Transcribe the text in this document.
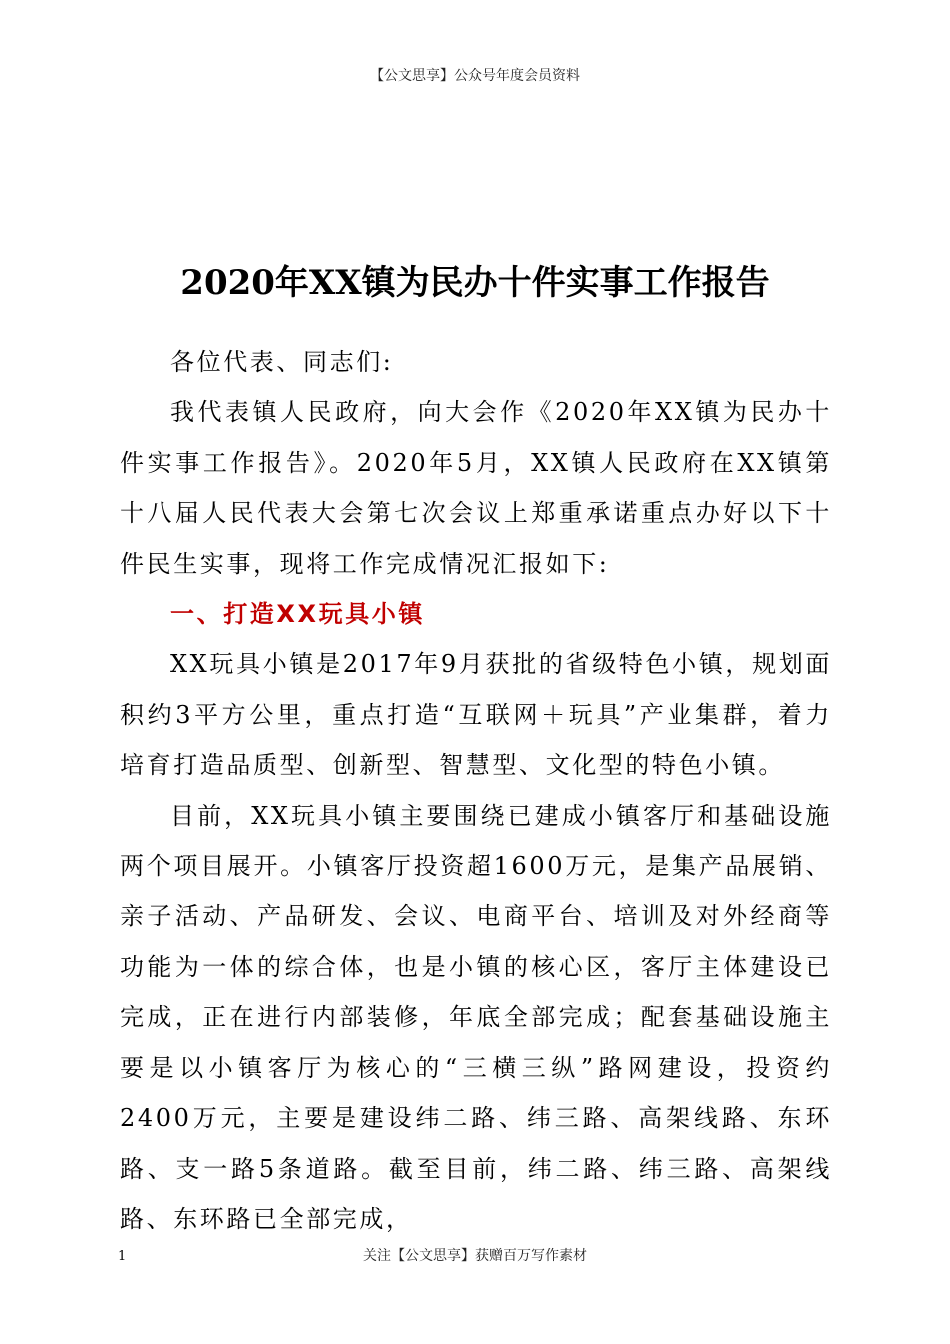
【公文思享】公众号年度会员资料
2020年XX镇为民办十件实事工作报告

各位代表、同志们:

我代表镇人民政府，向大会作《2020年XX镇为民办十件实事工作报告》。2020年5月，XX镇人民政府在XX镇第十八届人民代表大会第七次会议上郑重承诺重点办好以下十件民生实事，现将工作完成情况汇报如下:

一、打造XX玩具小镇

XX玩具小镇是2017年9月获批的省级特色小镇，规划面积约3平方公里，重点打造“互联网＋玩具”产业集群，着力培育打造品质型、创新型、智慧型、文化型的特色小镇。

目前，XX玩具小镇主要围绕已建成小镇客厅和基础设施两个项目展开。小镇客厅投资超1600万元，是集产品展销、亲子活动、产品研发、会议、电商平台、培训及对外经商等功能为一体的综合体，也是小镇的核心区，客厅主体建设已完成，正在进行内部装修，年底全部完成；配套基础设施主要是以小镇客厅为核心的“三横三纵”路网建设，投资约2400万元，主要是建设纬二路、纬三路、高架线路、东环路、支一路5条道路。截至目前，纬二路、纬三路、高架线路、东环路已全部完成，

1	关注【公文思享】获赠百万写作素材
